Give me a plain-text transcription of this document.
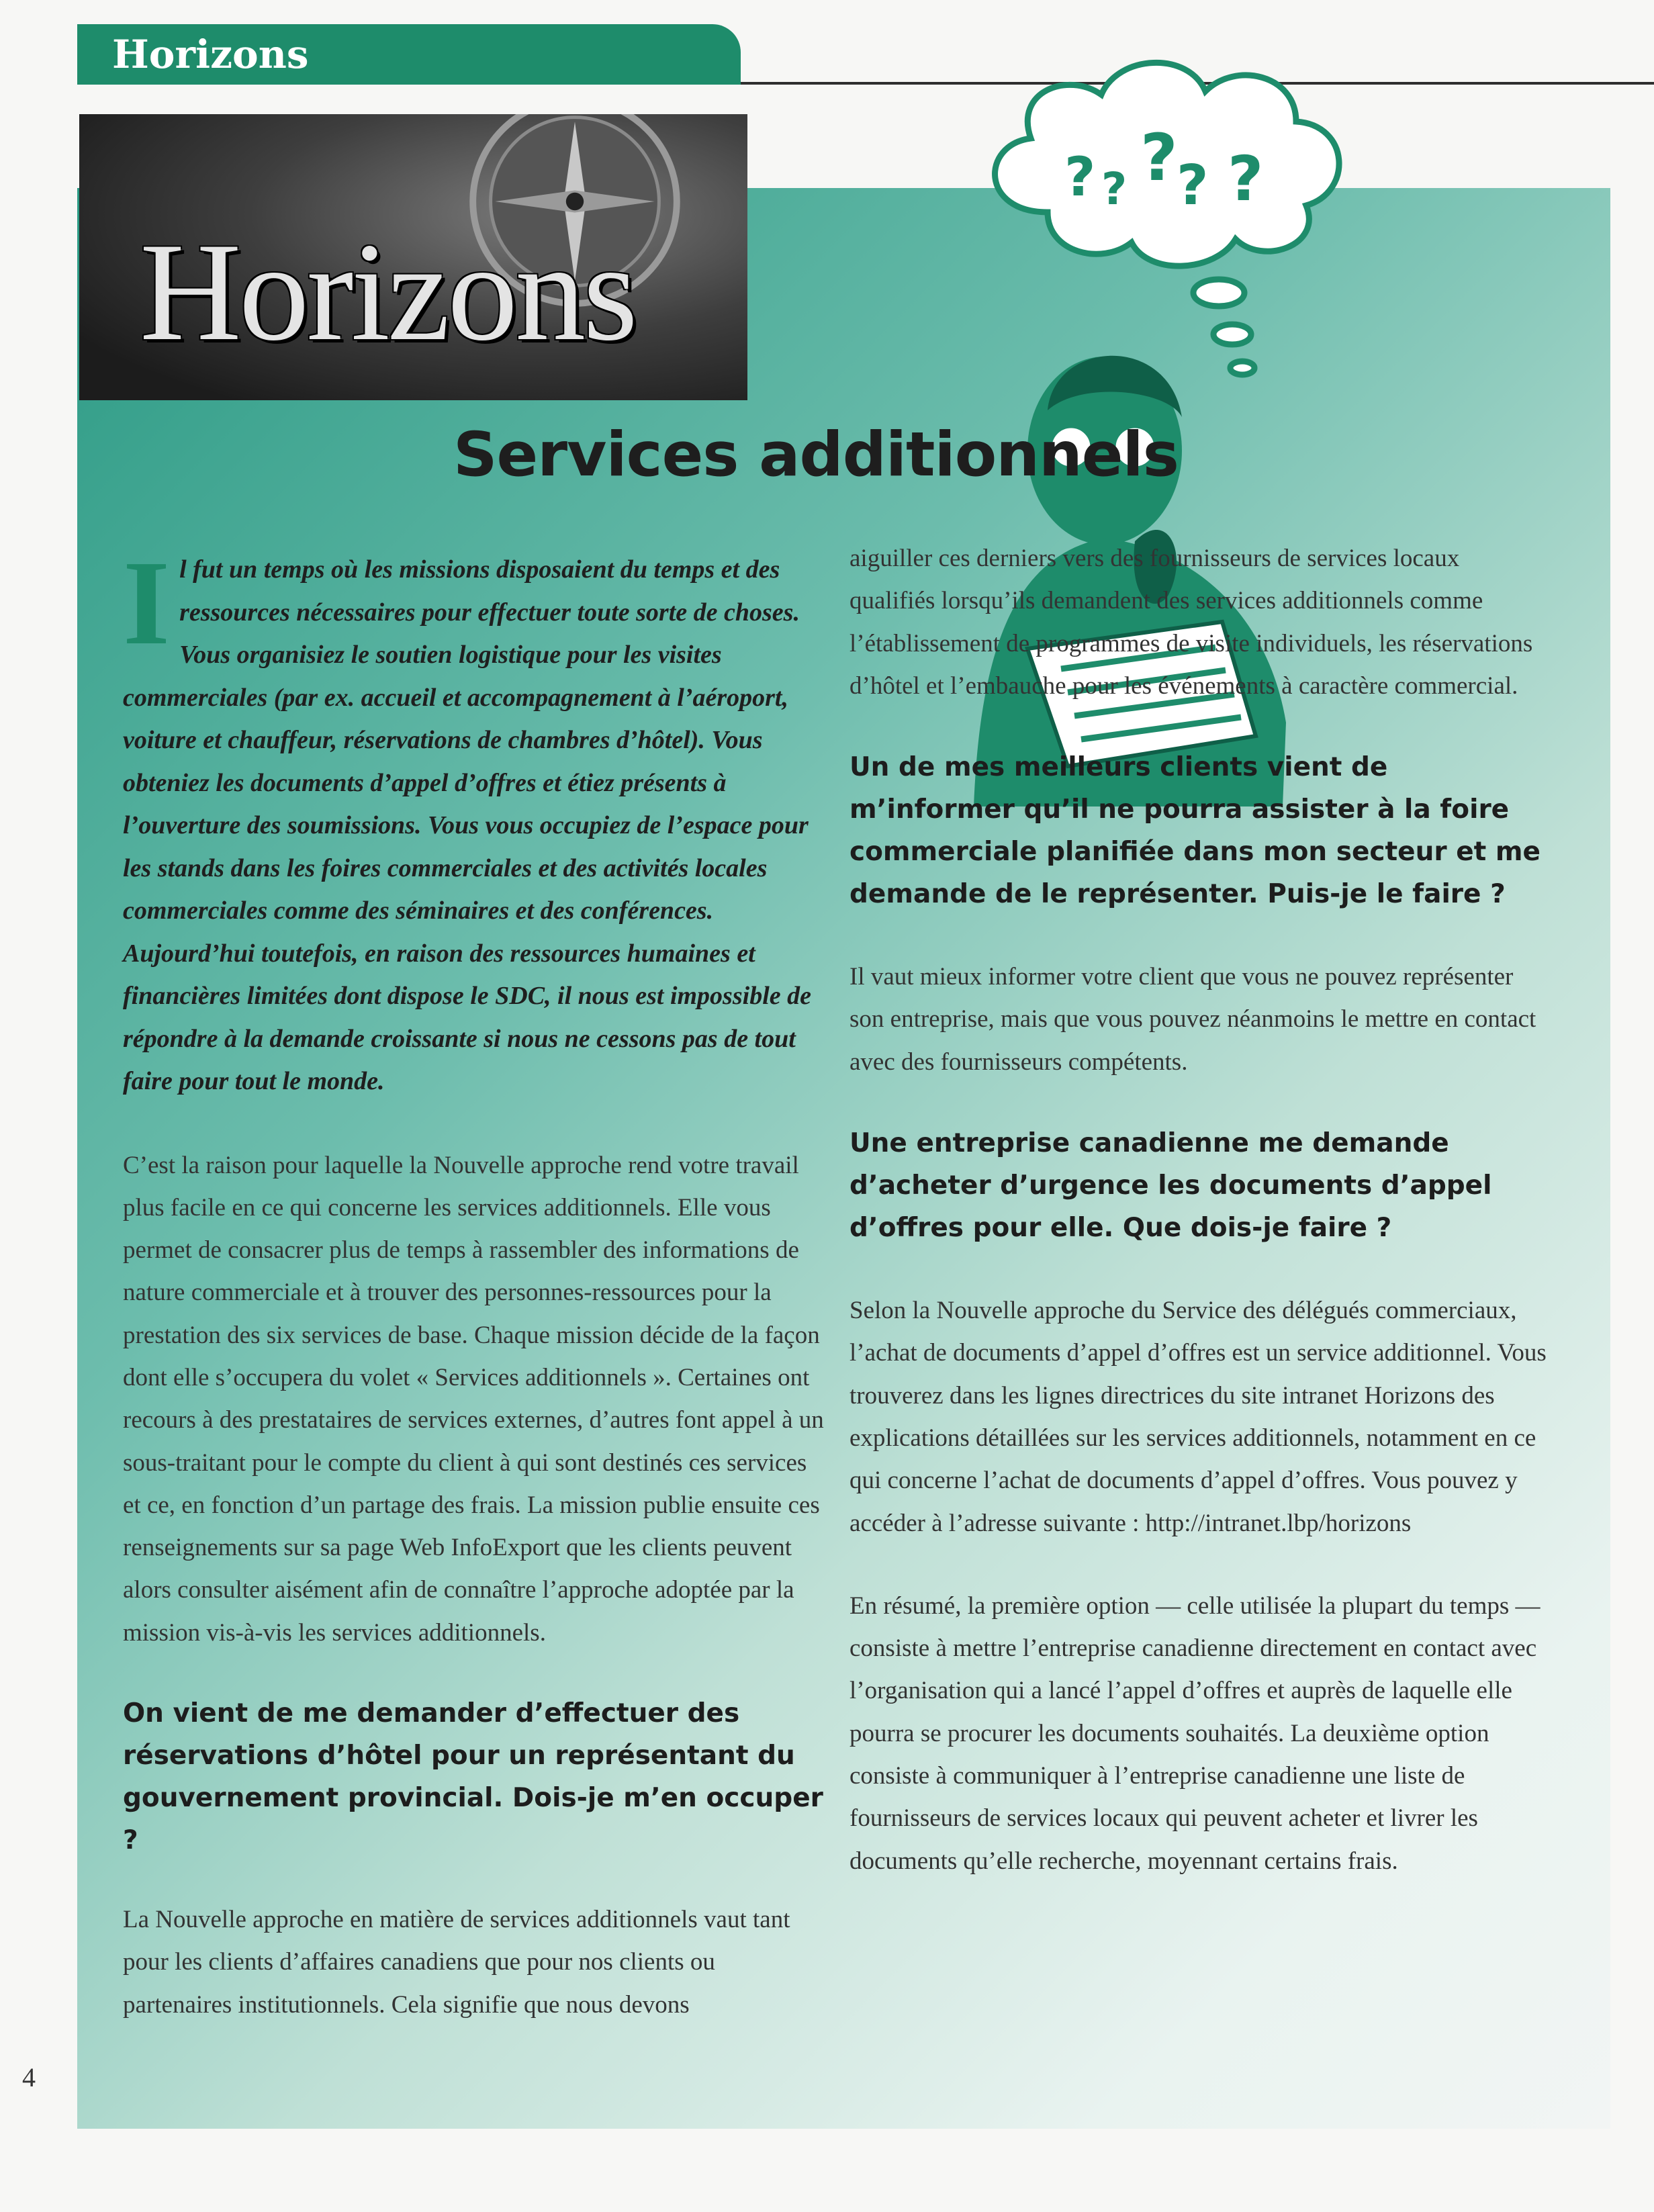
Horizons
Horizons
? ? ?
? ?
Services additionnels

Il fut un temps où les missions disposaient du temps et des ressources nécessaires pour effectuer toute sorte de choses. Vous organisiez le soutien logistique pour les visites commerciales (par ex. accueil et accompagnement à l’aéroport, voiture et chauffeur, réservations de chambres d’hôtel). Vous obteniez les documents d’appel d’offres et étiez présents à l’ouverture des soumissions. Vous vous occupiez de l’espace pour les stands dans les foires commerciales et des activités locales commerciales comme des séminaires et des conférences. Aujourd’hui toutefois, en raison des ressources humaines et financières limitées dont dispose le SDC, il nous est impossible de répondre à la demande croissante si nous ne cessons pas de tout faire pour tout le monde.

C’est la raison pour laquelle la Nouvelle approche rend votre travail plus facile en ce qui concerne les services additionnels. Elle vous permet de consacrer plus de temps à rassembler des informations de nature commerciale et à trouver des personnes-ressources pour la prestation des six services de base. Chaque mission décide de la façon dont elle s’occupera du volet « Services additionnels ». Certaines ont recours à des prestataires de services externes, d’autres font appel à un sous-traitant pour le compte du client à qui sont destinés ces services et ce, en fonction d’un partage des frais. La mission publie ensuite ces renseignements sur sa page Web InfoExport que les clients peuvent alors consulter aisément afin de connaître l’approche adoptée par la mission vis-à-vis les services additionnels.

On vient de me demander d’effectuer des réservations d’hôtel pour un représentant du gouvernement provincial. Dois-je m’en occuper ?

La Nouvelle approche en matière de services additionnels vaut tant pour les clients d’affaires canadiens que pour nos clients ou partenaires institutionnels. Cela signifie que nous devons

aiguiller ces derniers vers des fournisseurs de services locaux qualifiés lorsqu’ils demandent des services additionnels comme l’établissement de programmes de visite individuels, les réservations d’hôtel et l’embauche pour les événements à caractère commercial.

Un de mes meilleurs clients vient de m’informer qu’il ne pourra assister à la foire commerciale planifiée dans mon secteur et me demande de le représenter. Puis-je le faire ?

Il vaut mieux informer votre client que vous ne pouvez représenter son entreprise, mais que vous pouvez néanmoins le mettre en contact avec des fournisseurs compétents.

Une entreprise canadienne me demande d’acheter d’urgence les documents d’appel d’offres pour elle. Que dois-je faire ?

Selon la Nouvelle approche du Service des délégués commerciaux, l’achat de documents d’appel d’offres est un service additionnel. Vous trouverez dans les lignes directrices du site intranet Horizons des explications détaillées sur les services additionnels, notamment en ce qui concerne l’achat de documents d’appel d’offres. Vous pouvez y accéder à l’adresse suivante : http://intranet.lbp/horizons

En résumé, la première option — celle utilisée la plupart du temps — consiste à mettre l’entreprise canadienne directement en contact avec l’organisation qui a lancé l’appel d’offres et auprès de laquelle elle pourra se procurer les documents souhaités. La deuxième option consiste à communiquer à l’entreprise canadienne une liste de fournisseurs de services locaux qui peuvent acheter et livrer les documents qu’elle recherche, moyennant certains frais.

4
